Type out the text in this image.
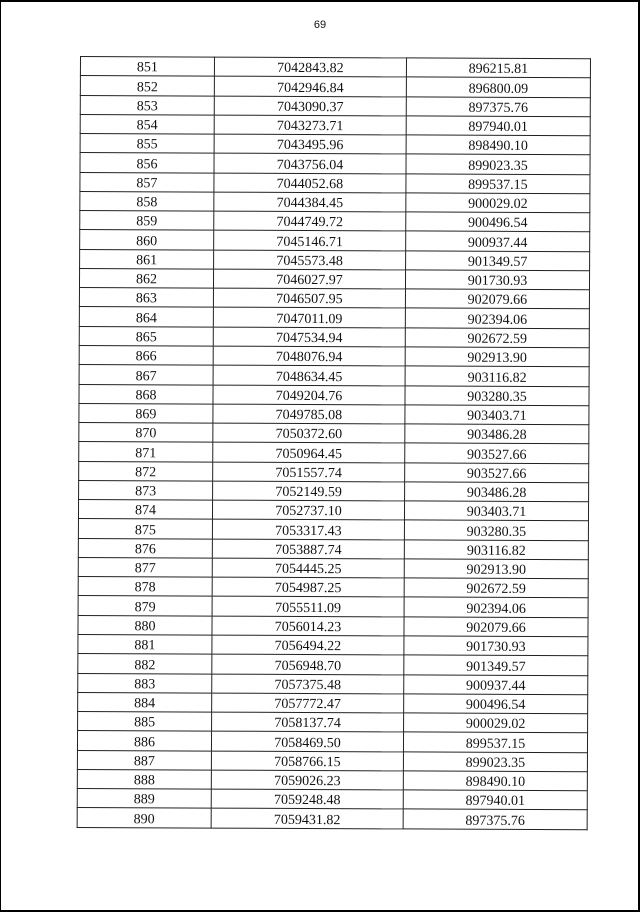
69
851	7042843.82	896215.81
852	7042946.84	896800.09
853	7043090.37	897375.76
854	7043273.71	897940.01
855	7043495.96	898490.10
856	7043756.04	899023.35
857	7044052.68	899537.15
858	7044384.45	900029.02
859	7044749.72	900496.54
860	7045146.71	900937.44
861	7045573.48	901349.57
862	7046027.97	901730.93
863	7046507.95	902079.66
864	7047011.09	902394.06
865	7047534.94	902672.59
866	7048076.94	902913.90
867	7048634.45	903116.82
868	7049204.76	903280.35
869	7049785.08	903403.71
870	7050372.60	903486.28
871	7050964.45	903527.66
872	7051557.74	903527.66
873	7052149.59	903486.28
874	7052737.10	903403.71
875	7053317.43	903280.35
876	7053887.74	903116.82
877	7054445.25	902913.90
878	7054987.25	902672.59
879	7055511.09	902394.06
880	7056014.23	902079.66
881	7056494.22	901730.93
882	7056948.70	901349.57
883	7057375.48	900937.44
884	7057772.47	900496.54
885	7058137.74	900029.02
886	7058469.50	899537.15
887	7058766.15	899023.35
888	7059026.23	898490.10
889	7059248.48	897940.01
890	7059431.82	897375.76
